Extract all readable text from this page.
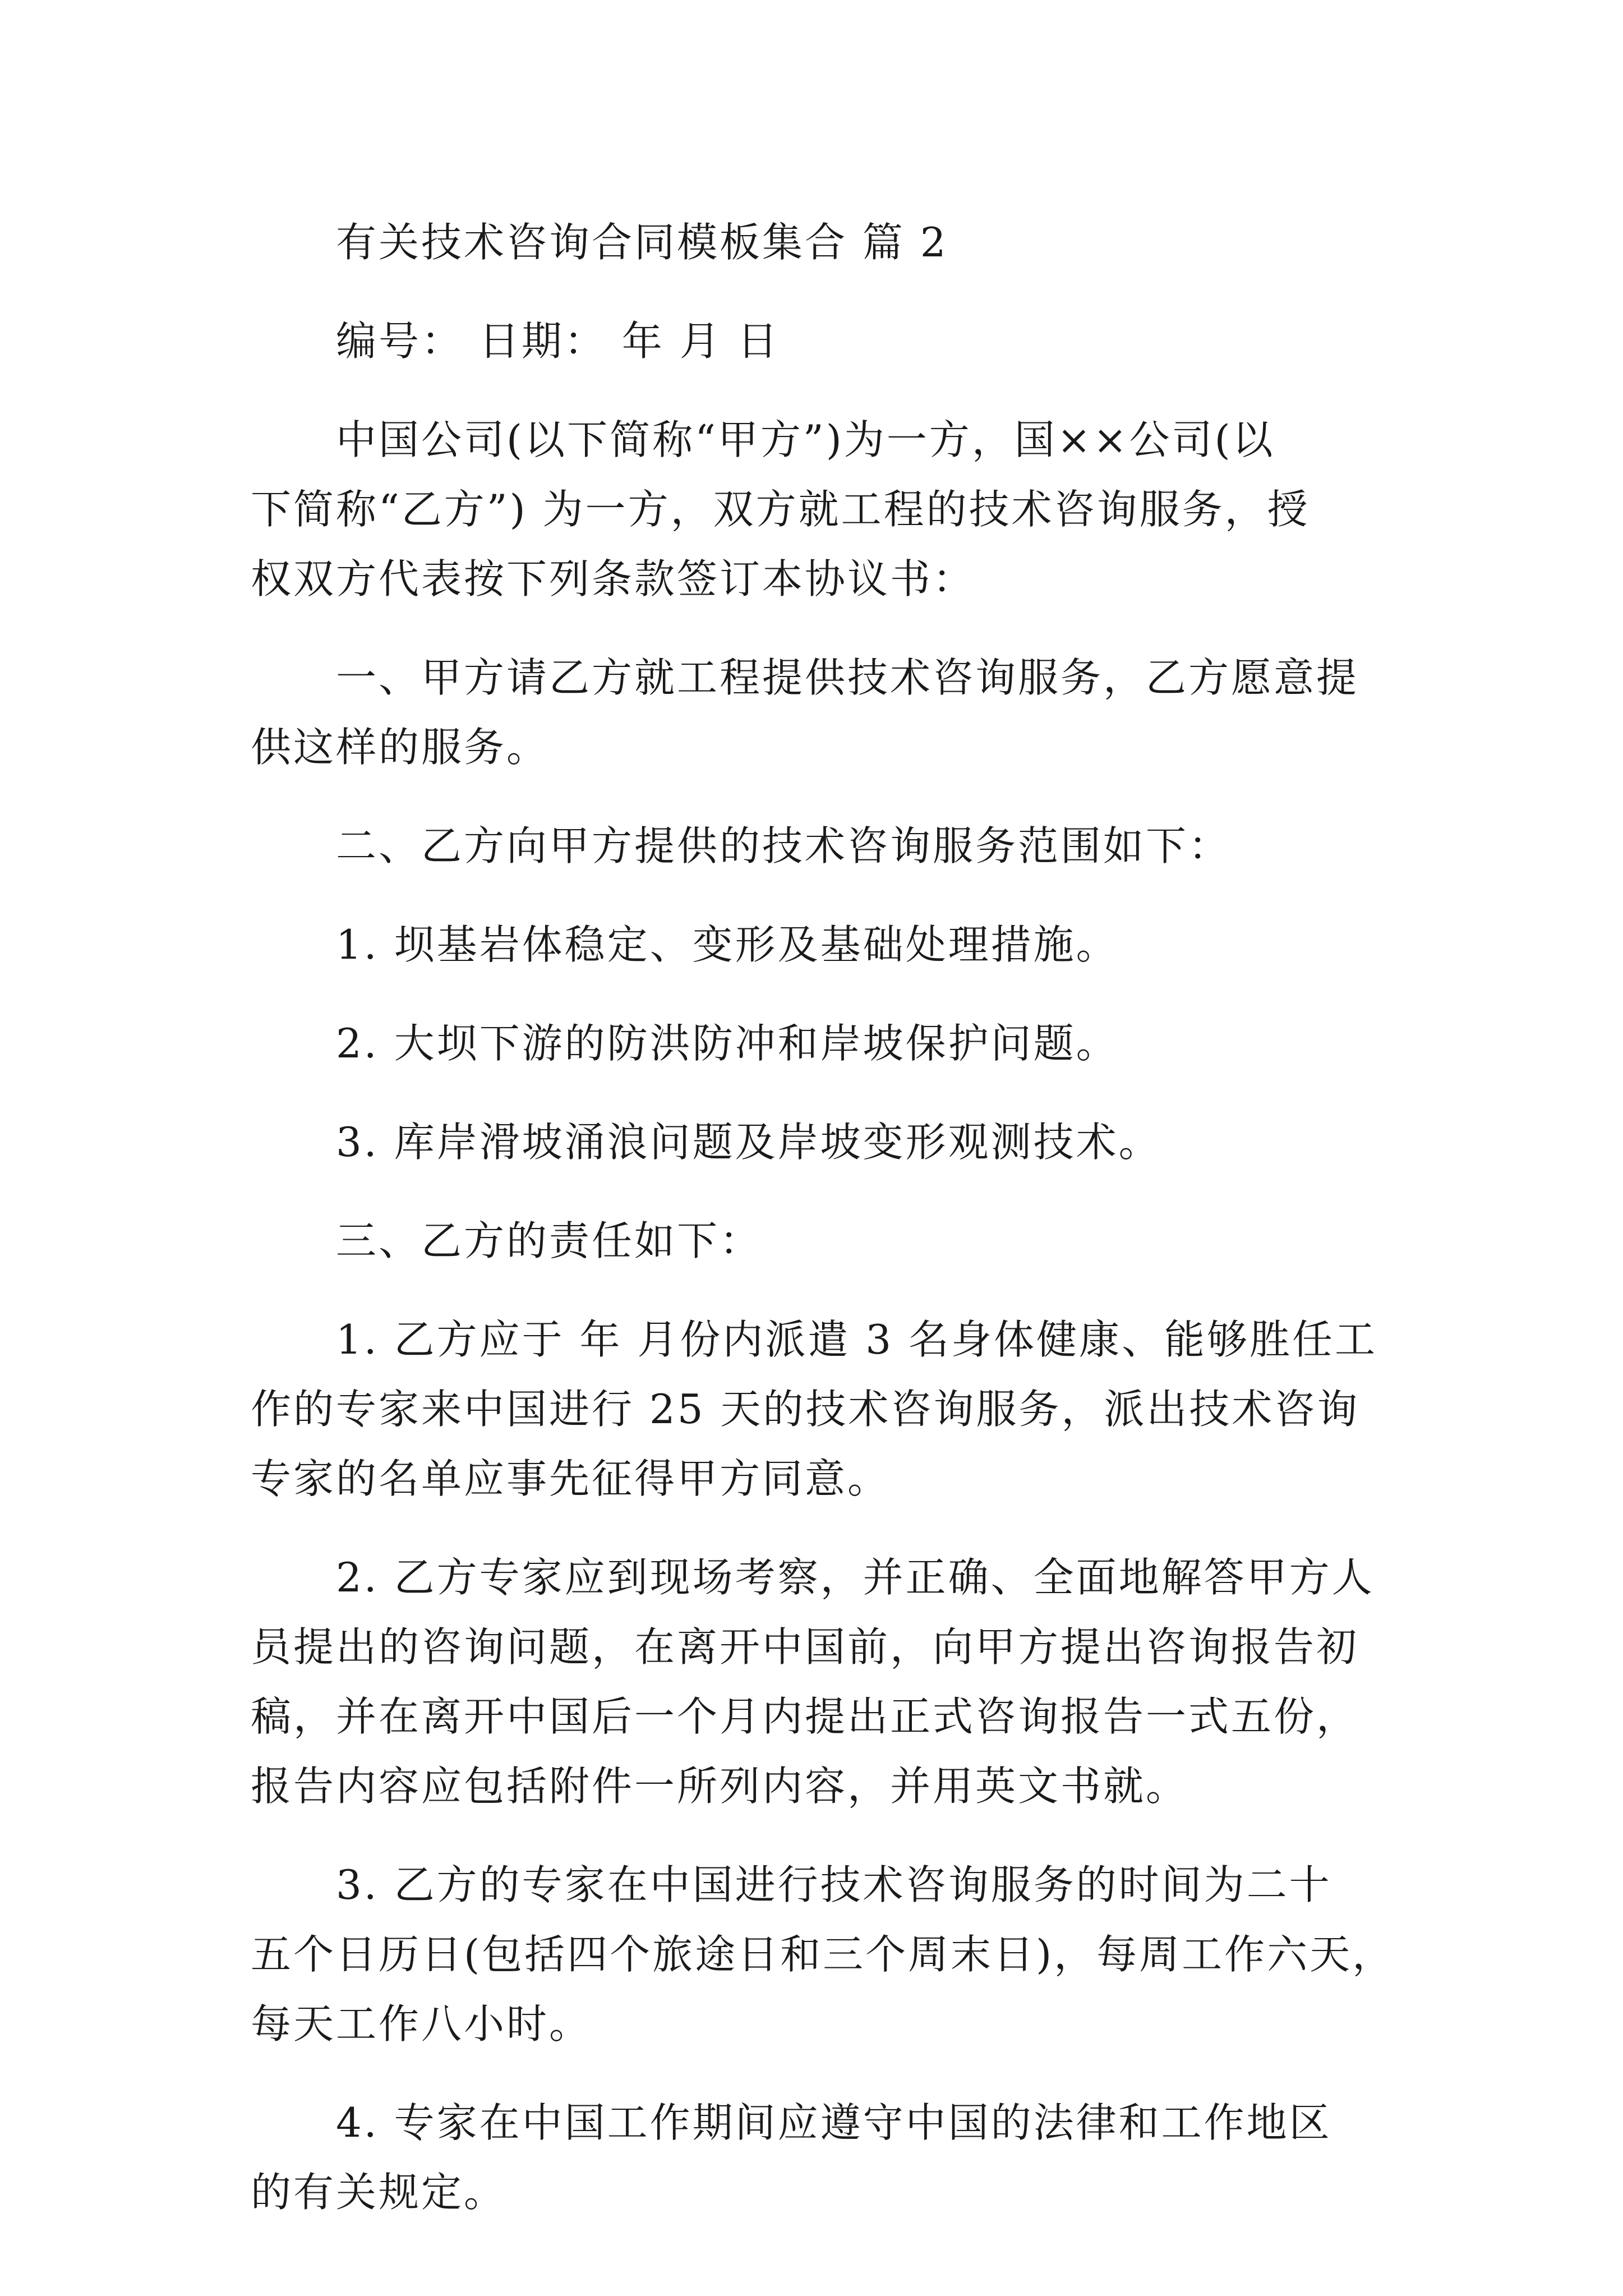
有关技术咨询合同模板集合 篇 2

编号： 日期： 年 月 日

中国公司(以下简称“甲方”)为一方，国××公司(以

下简称“乙方”) 为一方，双方就工程的技术咨询服务，授

权双方代表按下列条款签订本协议书：

一、甲方请乙方就工程提供技术咨询服务，乙方愿意提

供这样的服务。

二、乙方向甲方提供的技术咨询服务范围如下：

1. 坝基岩体稳定、变形及基础处理措施。

2. 大坝下游的防洪防冲和岸坡保护问题。

3. 库岸滑坡涌浪问题及岸坡变形观测技术。

三、乙方的责任如下：

1. 乙方应于 年 月份内派遣 3 名身体健康、能够胜任工

作的专家来中国进行 25 天的技术咨询服务，派出技术咨询

专家的名单应事先征得甲方同意。

2. 乙方专家应到现场考察，并正确、全面地解答甲方人

员提出的咨询问题，在离开中国前，向甲方提出咨询报告初

稿，并在离开中国后一个月内提出正式咨询报告一式五份，

报告内容应包括附件一所列内容，并用英文书就。

3. 乙方的专家在中国进行技术咨询服务的时间为二十

五个日历日(包括四个旅途日和三个周末日)，每周工作六天，

每天工作八小时。

4. 专家在中国工作期间应遵守中国的法律和工作地区

的有关规定。
